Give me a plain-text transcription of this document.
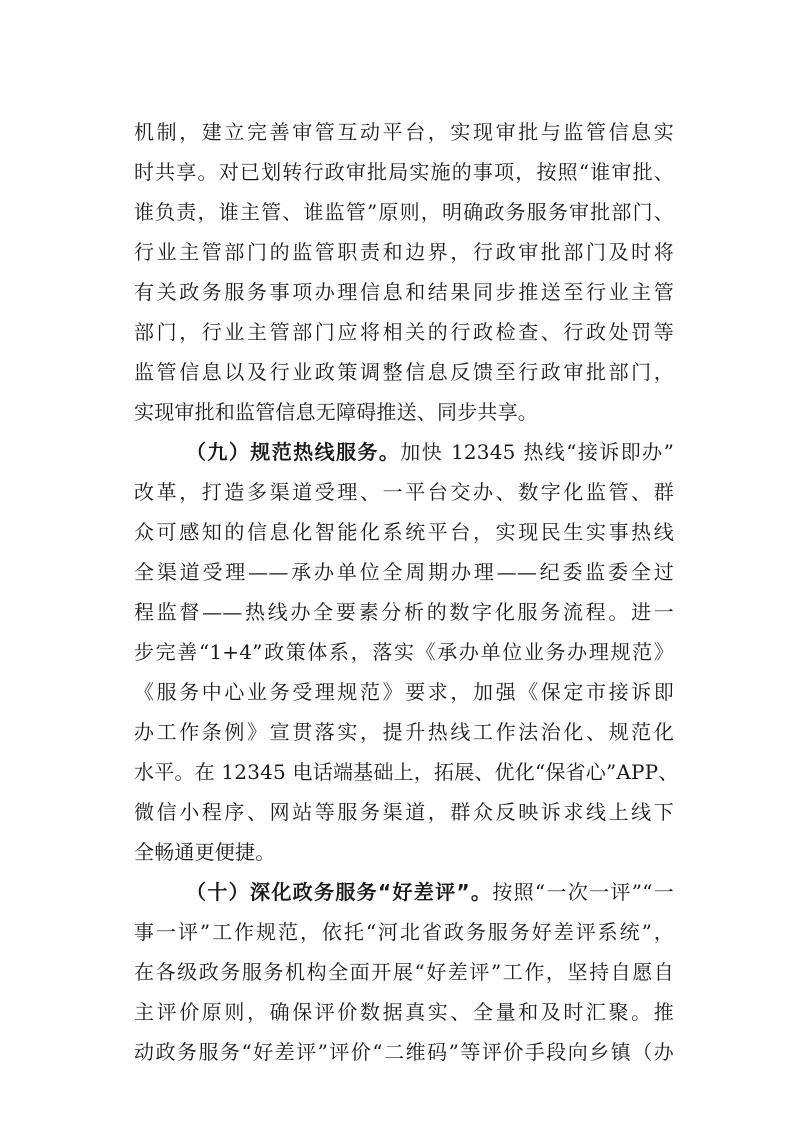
机制，建立完善审管互动平台，实现审批与监管信息实
时共享。对已划转行政审批局实施的事项，按照“谁审批、
谁负责，谁主管、谁监管”原则，明确政务服务审批部门、
行业主管部门的监管职责和边界，行政审批部门及时将
有关政务服务事项办理信息和结果同步推送至行业主管
部门，行业主管部门应将相关的行政检查、行政处罚等
监管信息以及行业政策调整信息反馈至行政审批部门，
实现审批和监管信息无障碍推送、同步共享。
（九）规范热线服务。加快 12345 热线“接诉即办”
改革，打造多渠道受理、一平台交办、数字化监管、群
众可感知的信息化智能化系统平台，实现民生实事热线
全渠道受理——承办单位全周期办理——纪委监委全过
程监督——热线办全要素分析的数字化服务流程。进一
步完善“1+4”政策体系，落实《承办单位业务办理规范》
《服务中心业务受理规范》要求，加强《保定市接诉即
办工作条例》宣贯落实，提升热线工作法治化、规范化
水平。在 12345 电话端基础上，拓展、优化“保省心”APP、
微信小程序、网站等服务渠道，群众反映诉求线上线下
全畅通更便捷。
（十）深化政务服务“好差评”。按照“一次一评”“一
事一评”工作规范，依托“河北省政务服务好差评系统”，
在各级政务服务机构全面开展“好差评”工作，坚持自愿自
主评价原则，确保评价数据真实、全量和及时汇聚。推
动政务服务“好差评”评价“二维码”等评价手段向乡镇（办
